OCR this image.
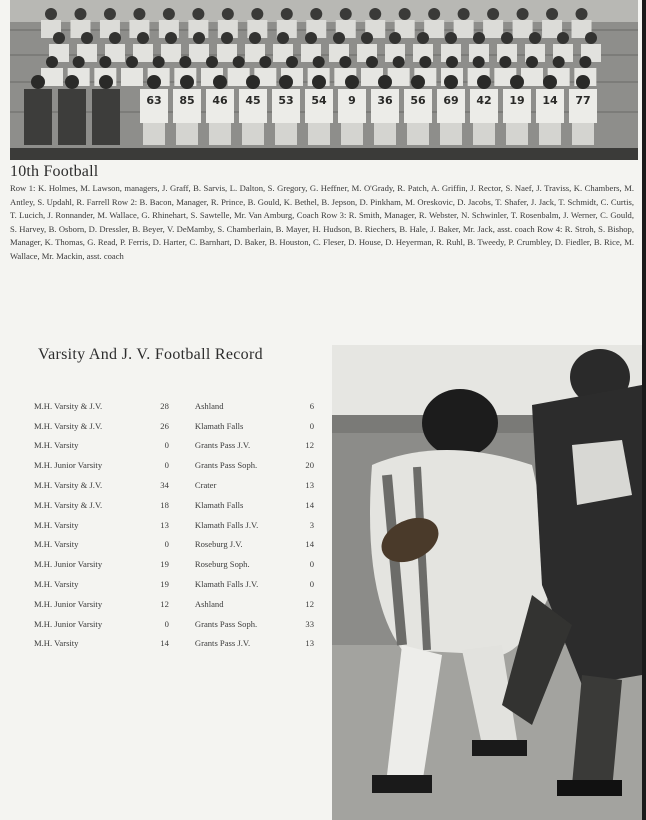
63 85 46 45 53 54 9 36 56 69 42 19 14 77
10th Football
Row 1: K. Holmes, M. Lawson, managers, J. Graff, B. Sarvis, L. Dalton, S. Gregory, G. Heffner, M. O'Grady, R. Patch, A. Griffin, J. Rector, S. Naef, J. Traviss, K. Chambers, M. Antley, S. Updahl, R. Farrell Row 2: B. Bacon, Manager, R. Prince, B. Gould, K. Bethel, B. Jepson, D. Pinkham, M. Oreskovic, D. Jacobs, T. Shafer, J. Jack, T. Schmidt, C. Curtis, T. Lucich, J. Ronnander, M. Wallace, G. Rhinehart, S. Sawtelle, Mr. Van Amburg, Coach Row 3: R. Smith, Manager, R. Webster, N. Schwinler, T. Rosenbalm, J. Werner, C. Gould, S. Harvey, B. Osborn, D. Dressler, B. Beyer, V. DeMamby, S. Chamberlain, B. Mayer, H. Hudson, B. Riechers, B. Hale, J. Baker, Mr. Jack, asst. coach Row 4: R. Stroh, S. Bishop, Manager, K. Thomas, G. Read, P. Ferris, D. Harter, C. Barnhart, D. Baker, B. Houston, C. Fleser, D. House, D. Heyerman, R. Ruhl, B. Tweedy, P. Crumbley, D. Fiedler, B. Rice, M. Wallace, Mr. Mackin, asst. coach
Varsity And J. V. Football Record
M.H. Varsity & J.V.	28	Ashland	6
M.H. Varsity & J.V.	26	Klamath Falls	0
M.H. Varsity	0	Grants Pass J.V.	12
M.H. Junior Varsity	0	Grants Pass Soph.	20
M.H. Varsity & J.V.	34	Crater	13
M.H. Varsity & J.V.	18	Klamath Falls	14
M.H. Varsity	13	Klamath Falls J.V.	3
M.H. Varsity	0	Roseburg J.V.	14
M.H. Junior Varsity	19	Roseburg Soph.	0
M.H. Varsity	19	Klamath Falls J.V.	0
M.H. Junior Varsity	12	Ashland	12
M.H. Junior Varsity	0	Grants Pass Soph.	33
M.H. Varsity	14	Grants Pass J.V.	13
